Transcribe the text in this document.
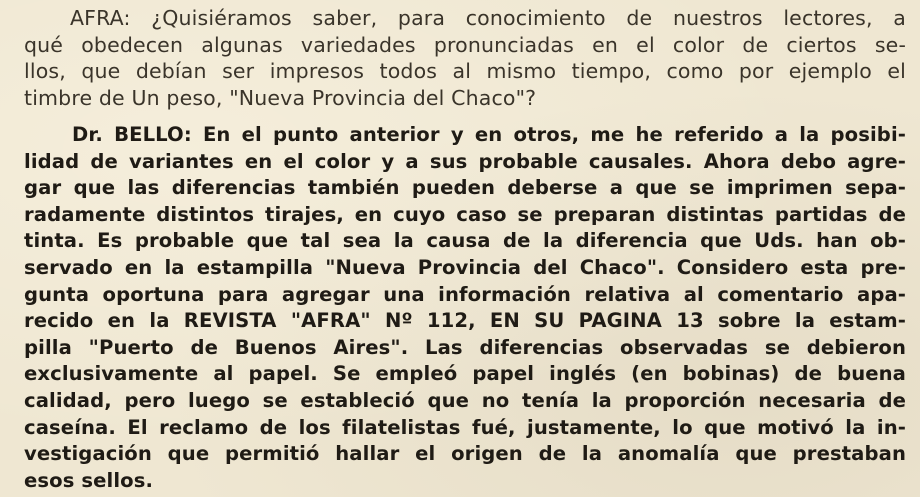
AFRA: ¿Quisiéramos saber, para conocimiento de nuestros lectores, a
qué obedecen algunas variedades pronunciadas en el color de ciertos se-
llos, que debían ser impresos todos al mismo tiempo, como por ejemplo el
timbre de Un peso, "Nueva Provincia del Chaco"?
Dr. BELLO: En el punto anterior y en otros, me he referido a la posibi-
lidad de variantes en el color y a sus probable causales. Ahora debo agre-
gar que las diferencias también pueden deberse a que se imprimen sepa-
radamente distintos tirajes, en cuyo caso se preparan distintas partidas de
tinta. Es probable que tal sea la causa de la diferencia que Uds. han ob-
servado en la estampilla "Nueva Provincia del Chaco". Considero esta pre-
gunta oportuna para agregar una información relativa al comentario apa-
recido en la REVISTA "AFRA" Nº 112, EN SU PAGINA 13 sobre la estam-
pilla "Puerto de Buenos Aires". Las diferencias observadas se debieron
exclusivamente al papel. Se empleó papel inglés (en bobinas) de buena
calidad, pero luego se estableció que no tenía la proporción necesaria de
caseína. El reclamo de los filatelistas fué, justamente, lo que motivó la in-
vestigación que permitió hallar el origen de la anomalía que prestaban
esos sellos.
